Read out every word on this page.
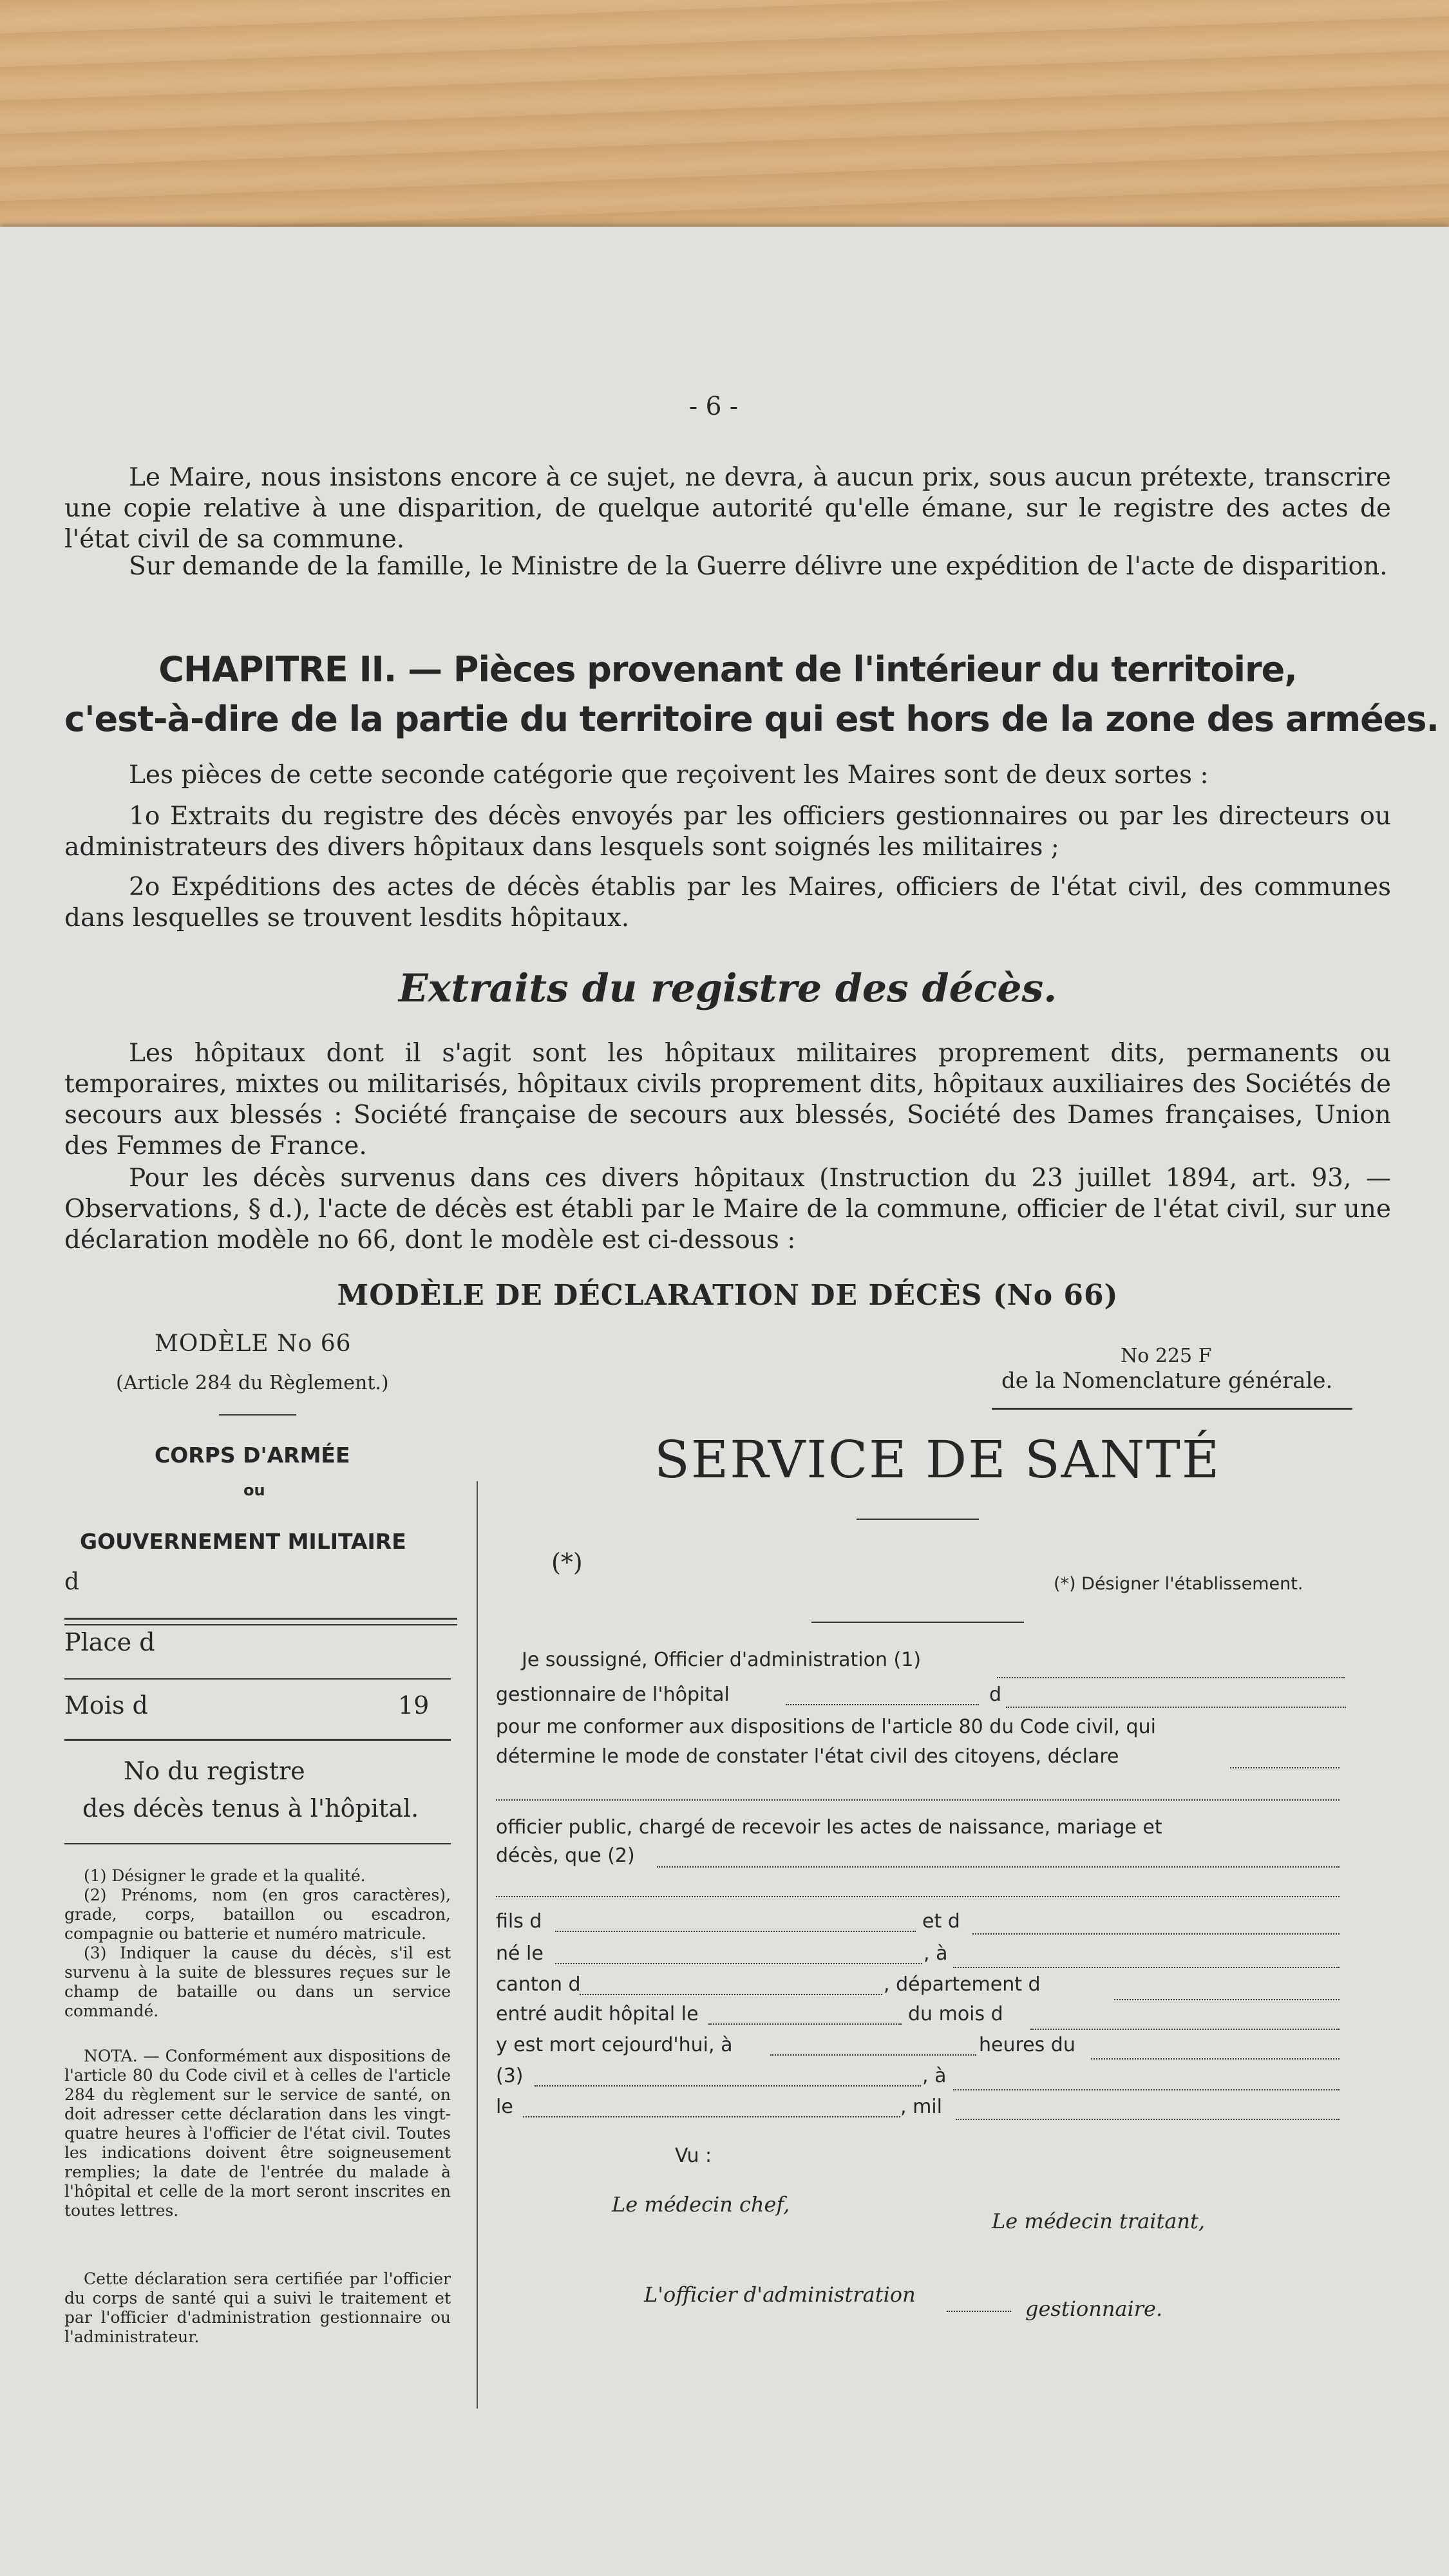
- 6 -
Le Maire, nous insistons encore à ce sujet, ne devra, à aucun prix, sous aucun prétexte, transcrire une copie relative à une disparition, de quelque autorité qu'elle émane, sur le registre des actes de l'état civil de sa commune.
Sur demande de la famille, le Ministre de la Guerre délivre une expédition de l'acte de disparition.
CHAPITRE II. — Pièces provenant de l'intérieur du territoire,
c'est-à-dire de la partie du territoire qui est hors de la zone des armées.
Les pièces de cette seconde catégorie que reçoivent les Maires sont de deux sortes :
1o Extraits du registre des décès envoyés par les officiers gestionnaires ou par les directeurs ou administrateurs des divers hôpitaux dans lesquels sont soignés les militaires ;
2o Expéditions des actes de décès établis par les Maires, officiers de l'état civil, des communes dans lesquelles se trouvent lesdits hôpitaux.
Extraits du registre des décès.
Les hôpitaux dont il s'agit sont les hôpitaux militaires proprement dits, permanents ou temporaires, mixtes ou militarisés, hôpitaux civils proprement dits, hôpitaux auxiliaires des Sociétés de secours aux blessés : Société française de secours aux blessés, Société des Dames françaises, Union des Femmes de France.
Pour les décès survenus dans ces divers hôpitaux (Instruction du 23 juillet 1894, art. 93, — Observations, § d.), l'acte de décès est établi par le Maire de la commune, officier de l'état civil, sur une déclaration modèle no 66, dont le modèle est ci-dessous :
MODÈLE DE DÉCLARATION DE DÉCÈS (No 66)
MODÈLE No 66
(Article 284 du Règlement.)
No 225 F
de la Nomenclature générale.
CORPS D'ARMÉE
ou
GOUVERNEMENT MILITAIRE
d
Place d
Mois d	19
No du registre
des décès tenus à l'hôpital.
(1) Désigner le grade et la qualité.
(2) Prénoms, nom (en gros caractères), grade, corps, bataillon ou escadron, compagnie ou batterie et numéro matricule.
(3) Indiquer la cause du décès, s'il est survenu à la suite de blessures reçues sur le champ de bataille ou dans un service commandé.
NOTA. — Conformément aux dispositions de l'article 80 du Code civil et à celles de l'article 284 du règlement sur le service de santé, on doit adresser cette déclaration dans les vingt-quatre heures à l'officier de l'état civil. Toutes les indications doivent être soigneusement remplies; la date de l'entrée du malade à l'hôpital et celle de la mort seront inscrites en toutes lettres.
Cette déclaration sera certifiée par l'officier du corps de santé qui a suivi le traitement et par l'officier d'administration gestionnaire ou l'administrateur.
SERVICE DE SANTÉ
(*)
(*) Désigner l'établissement.
Je soussigné, Officier d'administration (1)
gestionnaire de l'hôpital	d
pour me conformer aux dispositions de l'article 80 du Code civil, qui
détermine le mode de constater l'état civil des citoyens, déclare
officier public, chargé de recevoir les actes de naissance, mariage et
décès, que (2)
fils d	et d
né le	, à
canton d	, département d
entré audit hôpital le	du mois d
y est mort cejourd'hui, à	heures du
(3)	, à
le	, mil
Vu :
Le médecin chef,
Le médecin traitant,
L'officier d'administration
gestionnaire.
